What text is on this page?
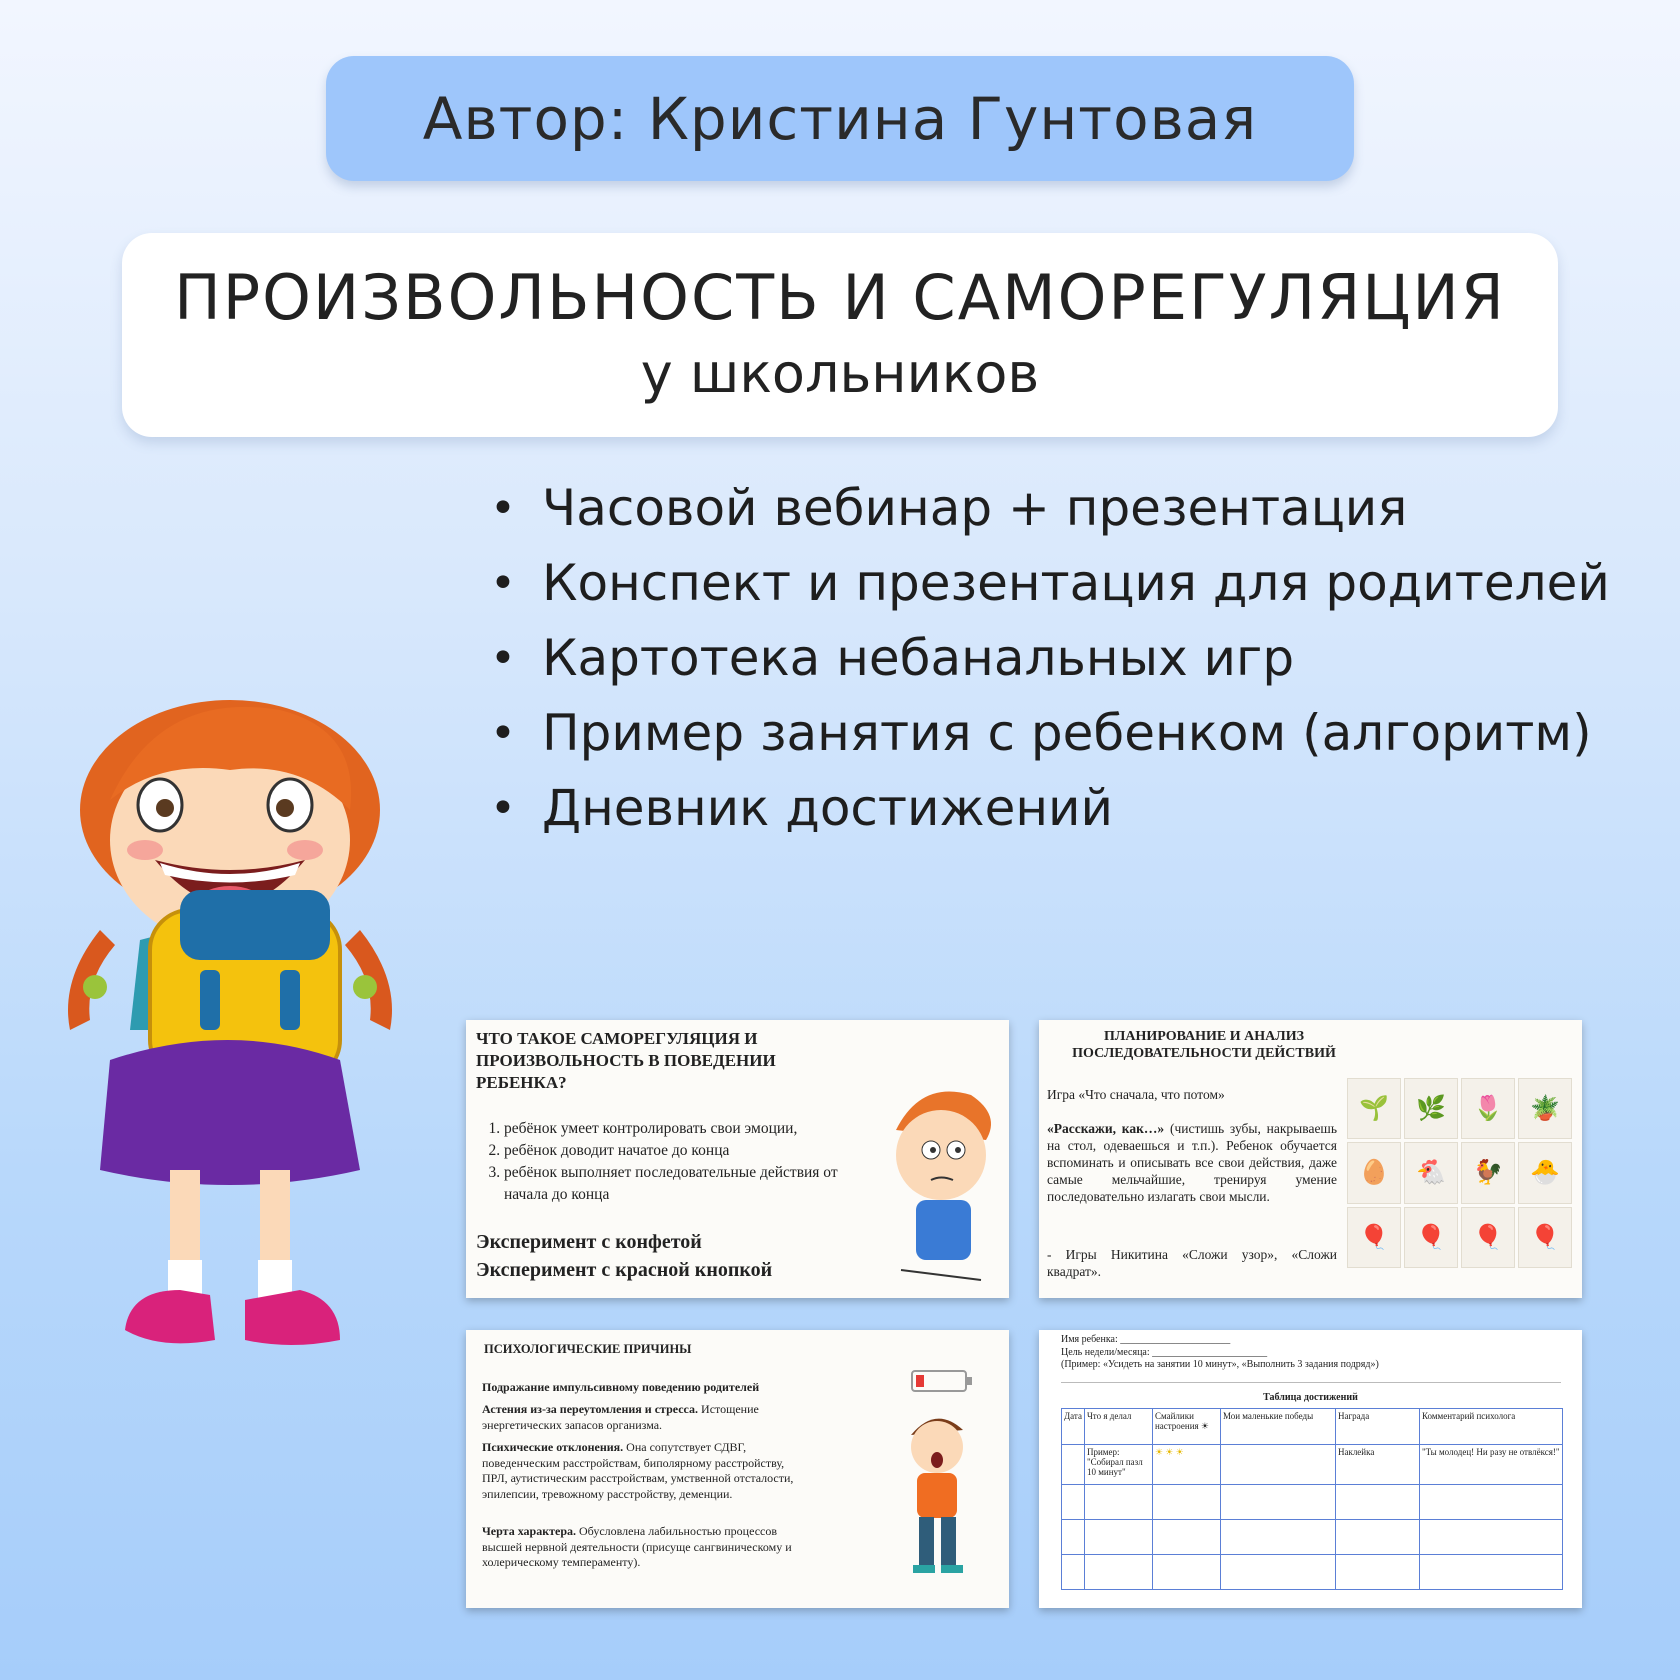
Автор: Кристина Гунтовая
ПРОИЗВОЛЬНОСТЬ И САМОРЕГУЛЯЦИЯ
у школьников
• Часовой вебинар + презентация
• Конспект и презентация для родителей
• Картотека небанальных игр
• Пример занятия с ребенком (алгоритм)
• Дневник достижений
ЧТО ТАКОЕ САМОРЕГУЛЯЦИЯ И ПРОИЗВОЛЬНОСТЬ В ПОВЕДЕНИИ РЕБЕНКА?
1. ребёнок умеет контролировать свои эмоции,
2. ребёнок доводит начатое до конца
3. ребёнок выполняет последовательные действия от начала до конца
Эксперимент с конфетой
Эксперимент с красной кнопкой
ПЛАНИРОВАНИЕ И АНАЛИЗ ПОСЛЕДОВАТЕЛЬНОСТИ ДЕЙСТВИЙ
Игра «Что сначала, что потом»
«Расскажи, как…» (чистишь зубы, накрываешь на стол, одеваешься и т.п.). Ребенок обучается вспоминать и описывать все свои действия, даже самые мельчайшие, тренируя умение последовательно излагать свои мысли.
- Игры Никитина «Сложи узор», «Сложи квадрат».
🌱	🌿	🌷	🪴
🥚	🐔	🐓	🐣
🎈	🎈	🎈	🎈
ПСИХОЛОГИЧЕСКИЕ ПРИЧИНЫ
Подражание импульсивному поведению родителей
Астения из-за переутомления и стресса. Истощение энергетических запасов организма.
Психические отклонения. Она сопутствует СДВГ, поведенческим расстройствам, биполярному расстройству, ПРЛ, аутистическим расстройствам, умственной отсталости, эпилепсии, тревожному расстройству, деменции.
Черта характера. Обусловлена лабильностью процессов высшей нервной деятельности (присуще сангвиническому и холерическому темпераменту).
Имя ребенка: ______________________
Цель недели/месяца: _______________________
(Пример: «Усидеть на занятии 10 минут», «Выполнить 3 задания подряд»)
Таблица достижений
Дата	Что я делал	Смайлики настроения ☀	Мои маленькие победы	Награда	Комментарий психолога
	Пример: "Собирал пазл 10 минут"	☀ ☀ ☀		Наклейка	"Ты молодец! Ни разу не отвлёкся!"
